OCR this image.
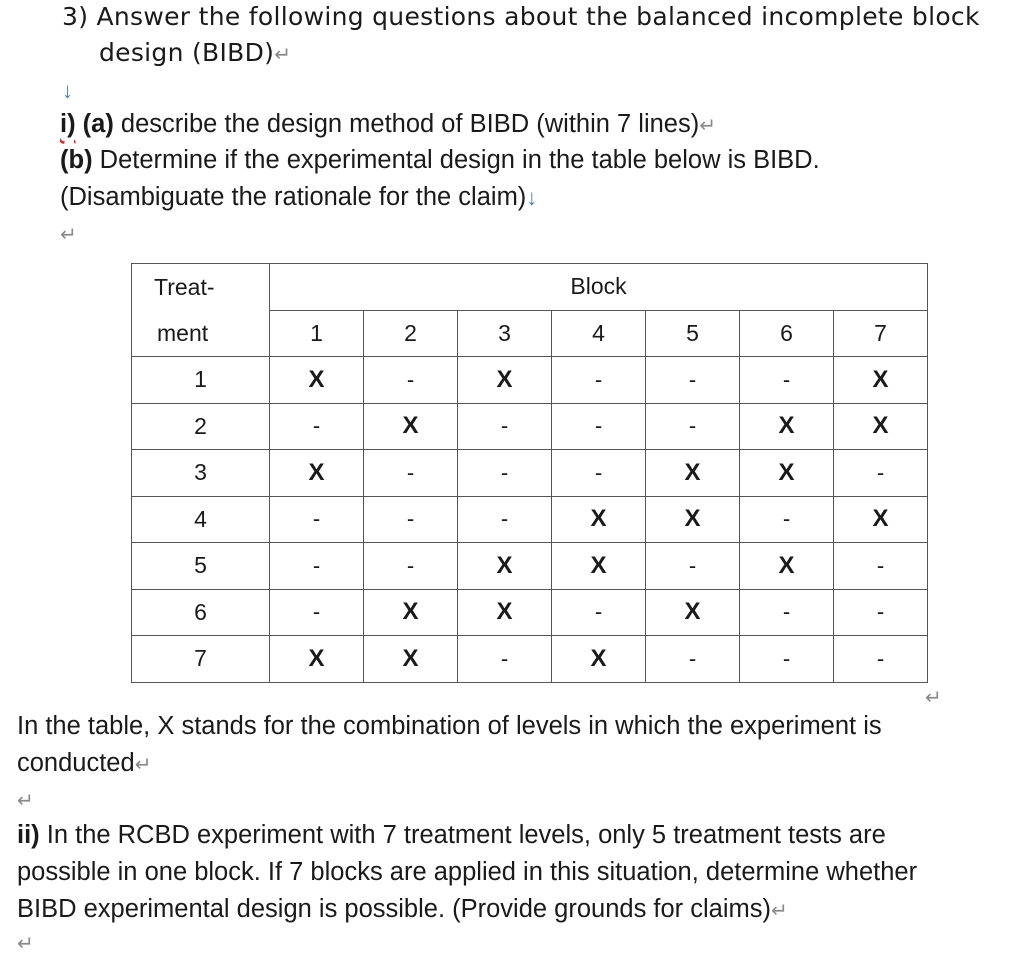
3) Answer the following questions about the balanced incomplete block
design (BIBD)↵
↓
i) (a) describe the design method of BIBD (within 7 lines)↵
(b) Determine if the experimental design in the table below is BIBD.
(Disambiguate the rationale for the claim)↓
↵
Treat-	Block						
ment	1	2	3	4	5	6	7
1	X	-	X	-	-	-	X
2	-	X	-	-	-	X	X
3	X	-	-	-	X	X	-
4	-	-	-	X	X	-	X
5	-	-	X	X	-	X	-
6	-	X	X	-	X	-	-
7	X	X	-	X	-	-	-
↵
In the table, X stands for the combination of levels in which the experiment is
conducted↵
↵
ii) In the RCBD experiment with 7 treatment levels, only 5 treatment tests are
possible in one block. If 7 blocks are applied in this situation, determine whether
BIBD experimental design is possible. (Provide grounds for claims)↵
↵
